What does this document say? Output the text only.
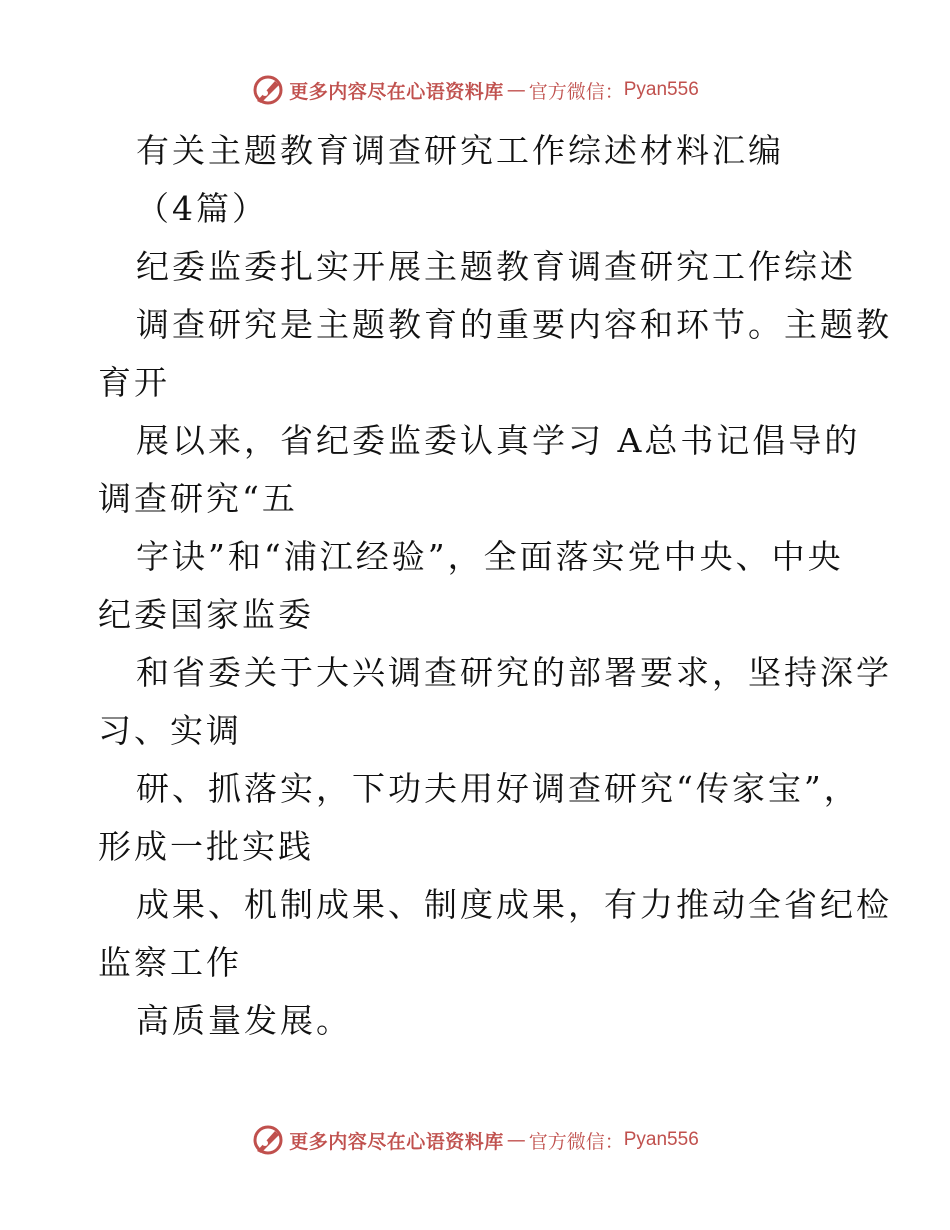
更多内容尽在心语资料库 — 官方微信： Pyan556
有关主题教育调查研究工作综述材料汇编
（4篇）
纪委监委扎实开展主题教育调查研究工作综述
调查研究是主题教育的重要内容和环节。主题教
育开
展以来，省纪委监委认真学习 A总书记倡导的
调查研究“五
字诀”和“浦江经验”，全面落实党中央、中央
纪委国家监委
和省委关于大兴调查研究的部署要求，坚持深学
习、实调
研、抓落实，下功夫用好调查研究“传家宝”，
形成一批实践
成果、机制成果、制度成果，有力推动全省纪检
监察工作
高质量发展。
更多内容尽在心语资料库 — 官方微信： Pyan556
